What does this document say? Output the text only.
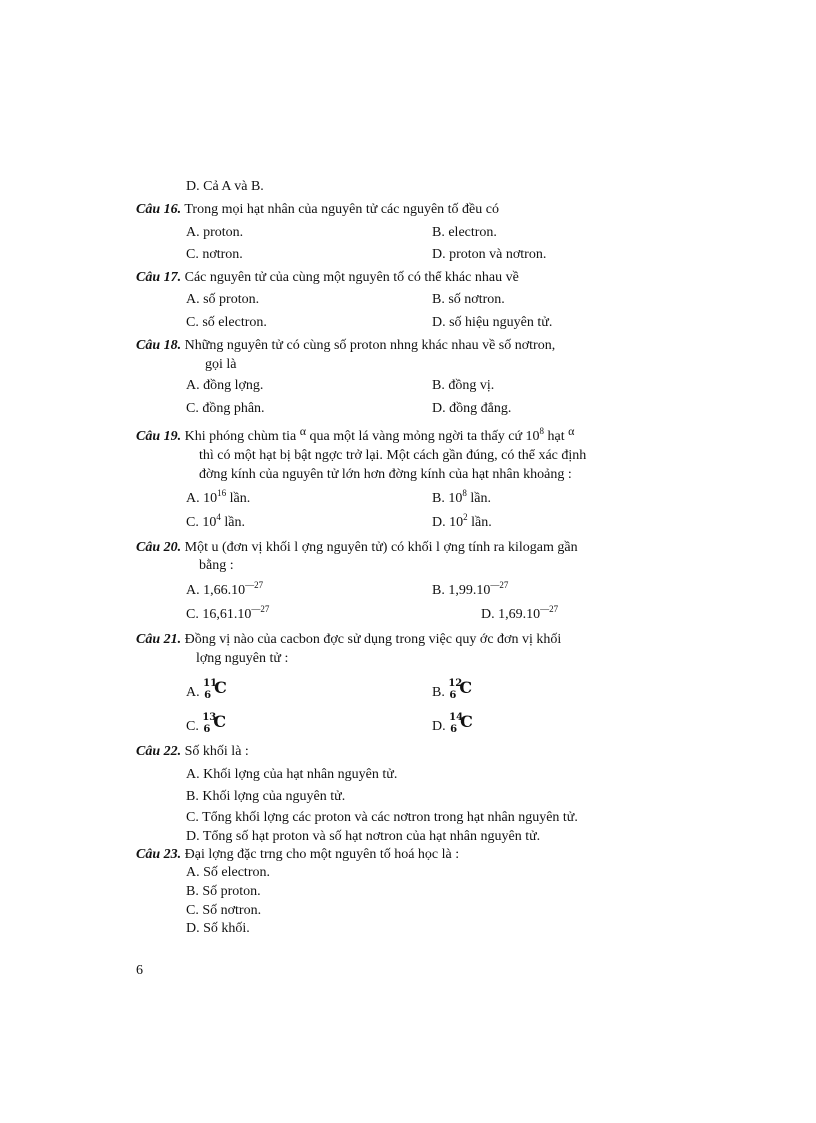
D. Cả A và B.
Câu 16. Trong mọi hạt nhân của nguyên tử các nguyên tố đều có
A. proton.	B. electron.
C. nơtron.	D. proton và nơtron.
Câu 17. Các nguyên tử của cùng một nguyên tố có thể khác nhau về
A. số proton.	B. số nơtron.
C. số electron.	D. số hiệu nguyên tử.
Câu 18. Những nguyên tử có cùng số proton nhng khác nhau về số nơtron,
gọi là
A. đồng lợng.	B. đồng vị.
C. đồng phân.	D. đồng đẳng.
Câu 19. Khi phóng chùm tia α qua một lá vàng mỏng ngời ta thấy cứ $10^8$ hạt α
thì có một hạt bị bật ngợc trở lại. Một cách gần đúng, có thể xác định
đờng kính của nguyên tử lớn hơn đờng kính của hạt nhân khoảng :
A. $10^{16}$ lần.	B. $10^8$ lần.
C. $10^4$ lần.	D. $10^2$ lần.
Câu 20. Một u (đơn vị khối l ợng nguyên tử) có khối l ợng tính ra kilogam gần
bằng :
A. $1,66.10^{—27}$	B. $1,99.10^{—27}$
C. $16,61.10^{—27}$	D. $1,69.10^{—27}$
Câu 21. Đồng vị nào của cacbon đợc sử dụng trong việc quy ớc đơn vị khối
lợng nguyên tử :
A.
11
6 C	B.
12
6 C
C.
13
6 C	D.
14
6 C
Câu 22. Số khối là :
A. Khối lợng của hạt nhân nguyên tử.
B. Khối lợng của nguyên tử.
C. Tổng khối lợng các proton và các nơtron trong hạt nhân nguyên tử.
D. Tổng số hạt proton và số hạt nơtron của hạt nhân nguyên tử.
Câu 23. Đại lợng đặc trng cho một nguyên tố hoá học là :
A. Số electron.
B. Số proton.
C. Số nơtron.
D. Số khối.
6
